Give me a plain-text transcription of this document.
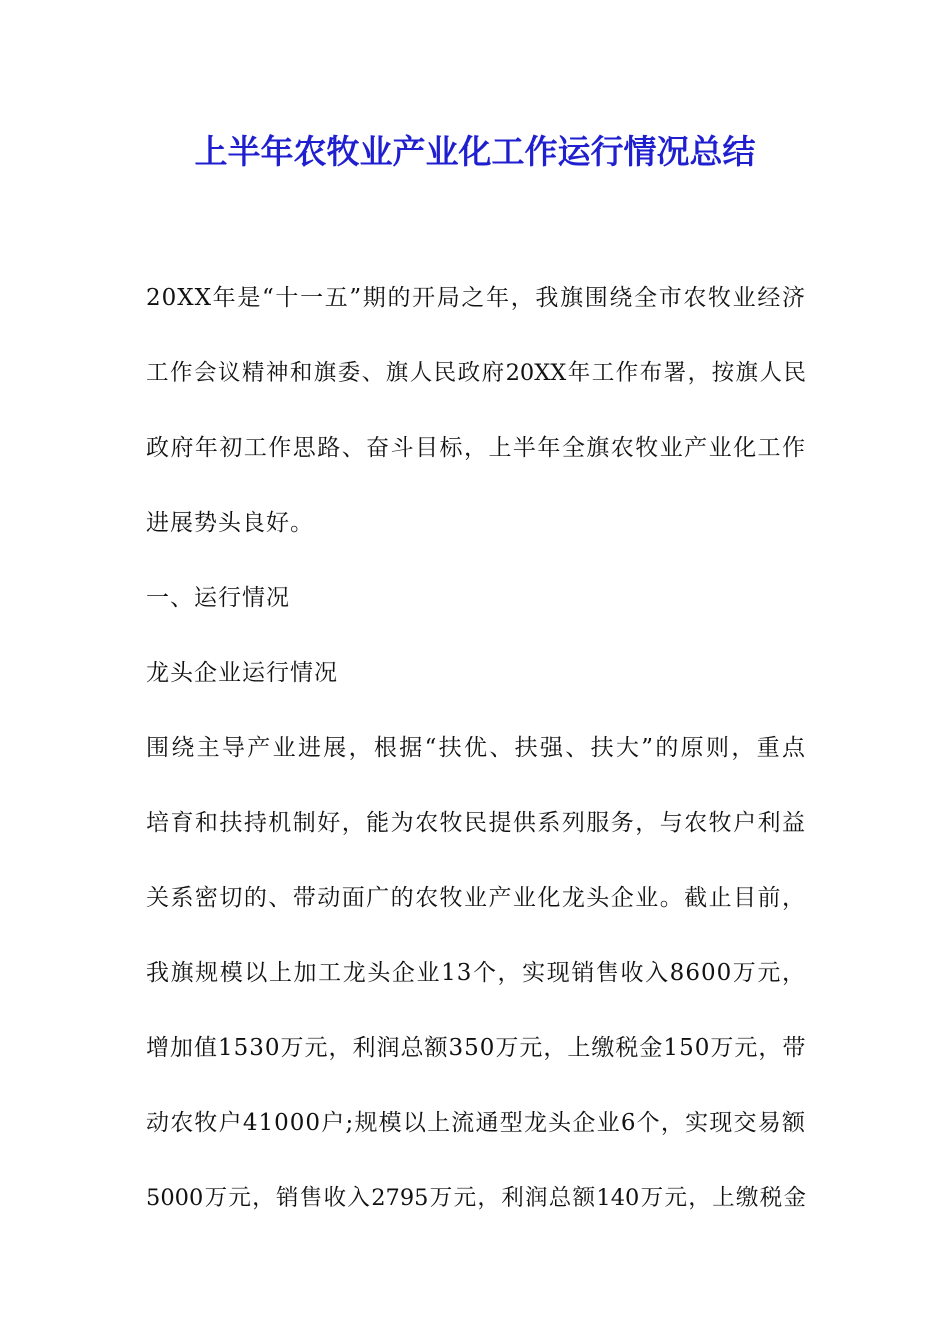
上半年农牧业产业化工作运行情况总结
20XX年是“十一五”期的开局之年，我旗围绕全市农牧业经济
工作会议精神和旗委、旗人民政府20XX年工作布署，按旗人民
政府年初工作思路、奋斗目标，上半年全旗农牧业产业化工作
进展势头良好。
一、运行情况
龙头企业运行情况
围绕主导产业进展，根据“扶优、扶强、扶大”的原则，重点
培育和扶持机制好，能为农牧民提供系列服务，与农牧户利益
关系密切的、带动面广的农牧业产业化龙头企业。截止目前，
我旗规模以上加工龙头企业13个，实现销售收入8600万元，
增加值1530万元，利润总额350万元，上缴税金150万元，带
动农牧户41000户;规模以上流通型龙头企业6个，实现交易额
5000万元，销售收入2795万元，利润总额140万元，上缴税金
